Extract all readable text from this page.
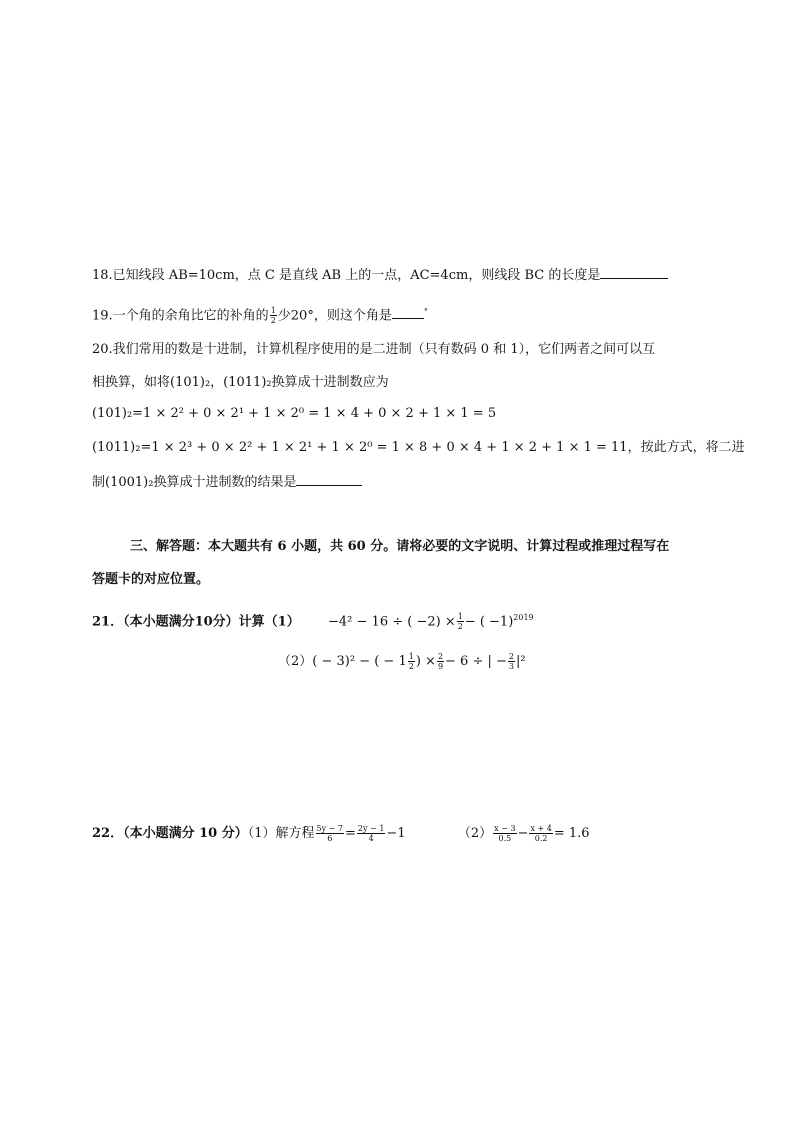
18.已知线段 AB=10cm，点 C 是直线 AB 上的一点，AC=4cm，则线段 BC 的长度是
19.一个角的余角比它的补角的 $\frac{1}{2}$ 少20°，则这个角是	°
20.我们常用的数是十进制，计算机程序使用的是二进制（只有数码 0 和 1），它们两者之间可以互
相换算，如将(101)₂，(1011)₂换算成十进制数应为
(101)₂=1 × 2² + 0 × 2¹ + 1 × 2⁰ = 1 × 4 + 0 × 2 + 1 × 1 = 5
(1011)₂=1 × 2³ + 0 × 2² + 1 × 2¹ + 1 × 2⁰ = 1 × 8 + 0 × 4 + 1 × 2 + 1 × 1 = 11，按此方式，将二进
制(1001)₂换算成十进制数的结果是
三、解答题：本大题共有 6 小题，共 60 分。请将必要的文字说明、计算过程或推理过程写在
答题卡的对应位置。
21．（本小题满分10分）计算（1） −4² − 16 ÷ ( $-2) \times \frac{1}{2}$ − ( −1)$^{2019}$
（2）( − 3)² − ( − $1 \frac{1}{2}$ ) × $\frac{2}{9} - 6$ ÷ | − $\frac{2}{3} |^2$
22．（本小题满分 10 分）（1）解方程 $\frac{5y - 7}{6} = \frac{2y - 1}{4} -1$	$(2) \frac{x - 3}{0.5} - \frac{x + 4}{0.2} = 1.6$
